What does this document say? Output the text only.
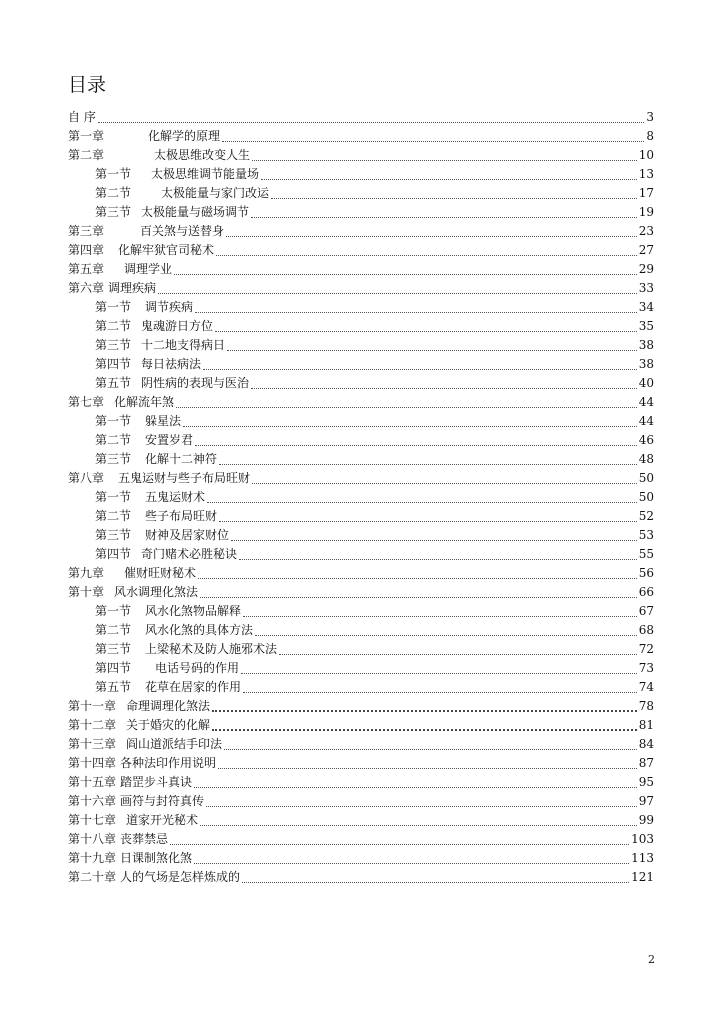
目录
自 序	3
第一章	化解学的原理	8
第二章	太极思维改变人生	10
第一节 太极思维调节能量场	13
第二节	太极能量与家门改运	17
第三节 太极能量与磁场调节	19
第三章	百关煞与送替身	23
第四章 化解牢狱官司秘术	27
第五章 调理学业	29
第六章 调理疾病	33
第一节 调节疾病	34
第二节 鬼魂游日方位	35
第三节 十二地支得病日	38
第四节 每日祛病法	38
第五节 阴性病的表现与医治	40
第七章 化解流年煞	44
第一节 躲星法	44
第二节 安置岁君	46
第三节 化解十二神符	48
第八章 五鬼运财与些子布局旺财	50
第一节 五鬼运财术	50
第二节 些子布局旺财	52
第三节 财神及居家财位	53
第四节 奇门赌术必胜秘诀	55
第九章 催财旺财秘术	56
第十章 风水调理化煞法	66
第一节 风水化煞物品解释	67
第二节 风水化煞的具体方法	68
第三节 上梁秘术及防人施邪术法	72
第四节 电话号码的作用	73
第五节 花草在居家的作用	74
第十一章 命理调理化煞法	78
第十二章 关于婚灾的化解	81
第十三章 阎山道派结手印法	84
第十四章 各种法印作用说明	87
第十五章 踏罡步斗真诀	95
第十六章 画符与封符真传	97
第十七章 道家开光秘术	99
第十八章 丧葬禁忌	103
第十九章 日课制煞化煞	113
第二十章 人的气场是怎样炼成的	121
2
